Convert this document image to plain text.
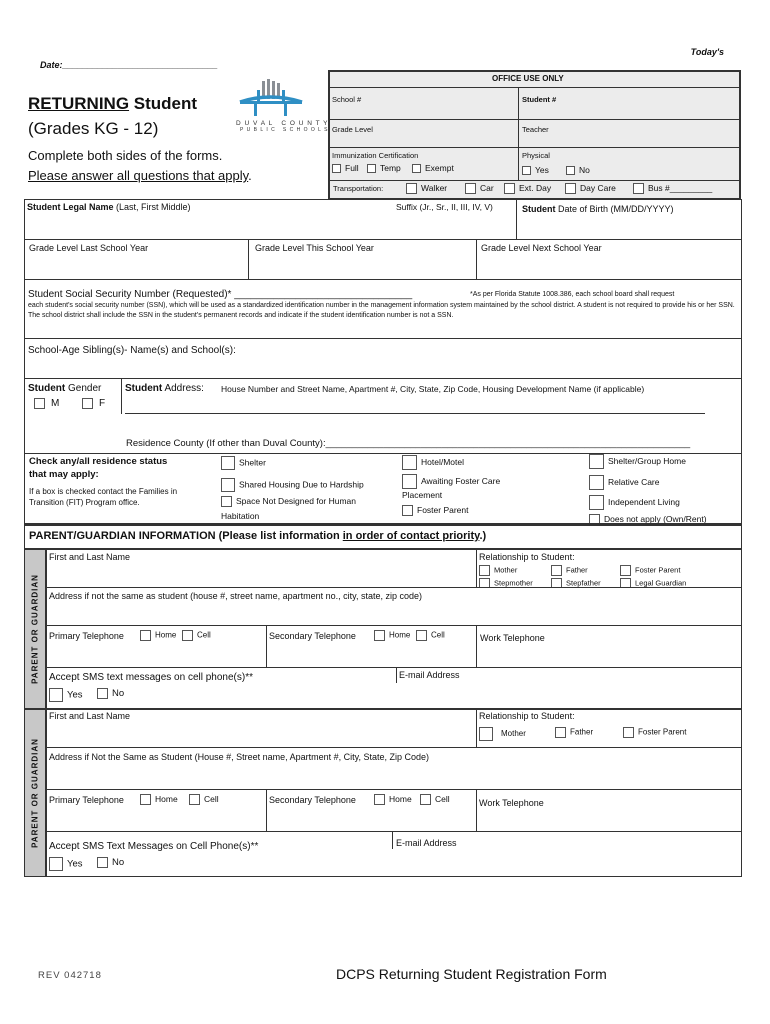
Today's
Date:_______________________________
RETURNING Student
(Grades KG - 12)
Complete both sides of the forms.
Please answer all questions that apply.
D U V A L   C O U N T Y
P U B L I C   S C H O O L S
OFFICE USE ONLY
School #	Student #
Grade Level	Teacher
Immunization Certification
Full	Temp	Exempt
Physical
Yes	No
Transportation:	Walker	Car	Ext. Day	Day Care	Bus #_________
Student Legal Name (Last, First Middle)	Suffix (Jr., Sr., II, III, IV, V)	Student Date of Birth (MM/DD/YYYY)
Grade Level Last School Year	Grade Level This School Year	Grade Level Next School Year
Student Social Security Number (Requested)* ________________________________	*As per Florida Statute 1008.386, each school board shall request
each student's social security number (SSN), which will be used as a standardized identification number in the management information system maintained by the school district. A student is not required to provide his or her SSN. The school district shall include the SSN in the student's permanent records and indicate if the student identification number is not a SSN.
School-Age Sibling(s)- Name(s) and School(s):
Student Gender
M	F
Student Address: House Number and Street Name, Apartment #, City, State, Zip Code, Housing Development Name (if applicable)
Residence County (If other than Duval County):_____________________________________________________________________
Check any/all residence status
that may apply:
If a box is checked contact the Families in Transition (FIT) Program office.
Shelter
Shared Housing Due to Hardship
Space Not Designed for Human Habitation
Hotel/Motel
Awaiting Foster Care Placement
Foster Parent
Shelter/Group Home
Relative Care
Independent Living
Does not apply (Own/Rent)
PARENT/GUARDIAN INFORMATION (Please list information in order of contact priority.)
PARENT OR GUARDIAN
First and Last Name	Relationship to Student:
Mother	Father	Foster Parent
Stepmother	Stepfather	Legal Guardian
Address if not the same as student (house #, street name, apartment no., city, state, zip code)
Primary Telephone	Home	Cell	Secondary Telephone	Home	Cell	Work Telephone
Accept SMS text messages on cell phone(s)**
Yes	No
E-mail Address
PARENT OR GUARDIAN
First and Last Name	Relationship to Student:
Mother	Father	Foster Parent
Address if Not the Same as Student (House #, Street name, Apartment #, City, State, Zip Code)
Primary Telephone	Home	Cell	Secondary Telephone	Home	Cell	Work Telephone
Accept SMS Text Messages on Cell Phone(s)**
Yes	No
E-mail Address
REV 042718	DCPS Returning Student Registration Form
